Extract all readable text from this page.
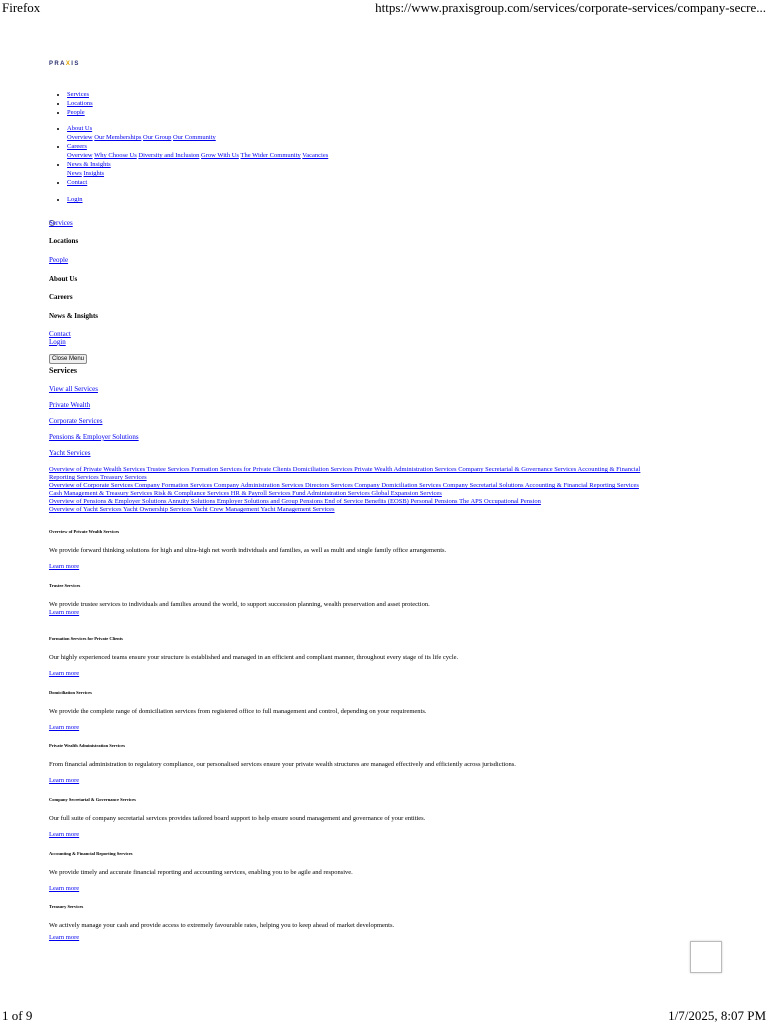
Firefox	https://www.praxisgroup.com/services/corporate-services/company-secre...
PRAXIS
• Services
• Locations
• People
• About Us
Overview Our Memberships Our Group Our Community
• Careers
Overview Why Choose Us Diversity and Inclusion Grow With Us The Wider Community Vacancies
• News & Insights
News Insights
• Contact
• Login
Services
Locations
People
About Us
Careers
News & Insights
Contact
Login
Close Menu
Services
View all Services
Private Wealth
Corporate Services
Pensions & Employer Solutions
Yacht Services
Overview of Private Wealth Services Trustee Services Formation Services for Private Clients Domiciliation Services Private Wealth Administration Services Company Secretarial & Governance Services Accounting & Financial
Reporting Services Treasury Services
Overview of Corporate Services Company Formation Services Company Administration Services Directors Services Company Domiciliation Services Company Secretarial Solutions Accounting & Financial Reporting Services
Cash Management & Treasury Services Risk & Compliance Services HR & Payroll Services Fund Administration Services Global Expansion Services
Overview of Pensions & Employer Solutions Annuity Solutions Employer Solutions and Group Pensions End of Service Benefits (EOSB) Personal Pensions The APS Occupational Pension
Overview of Yacht Services Yacht Ownership Services Yacht Crew Management Yacht Management Services
Overview of Private Wealth Services
We provide forward thinking solutions for high and ultra-high net worth individuals and families, as well as multi and single family office arrangements.
Learn more
Trustee Services
We provide trustee services to individuals and families around the world, to support succession planning, wealth preservation and asset protection.
Learn more
Formation Services for Private Clients
Our highly experienced teams ensure your structure is established and managed in an efficient and compliant manner, throughout every stage of its life cycle.
Learn more
Domiciliation Services
We provide the complete range of domiciliation services from registered office to full management and control, depending on your requirements.
Learn more
Private Wealth Administration Services
From financial administration to regulatory compliance, our personalised services ensure your private wealth structures are managed effectively and efficiently across jurisdictions.
Learn more
Company Secretarial & Governance Services
Our full suite of company secretarial services provides tailored board support to help ensure sound management and governance of your entities.
Learn more
Accounting & Financial Reporting Services
We provide timely and accurate financial reporting and accounting services, enabling you to be agile and responsive.
Learn more
Treasury Services
We actively manage your cash and provide access to extremely favourable rates, helping you to keep ahead of market developments.
Learn more
1 of 9	1/7/2025, 8:07 PM
